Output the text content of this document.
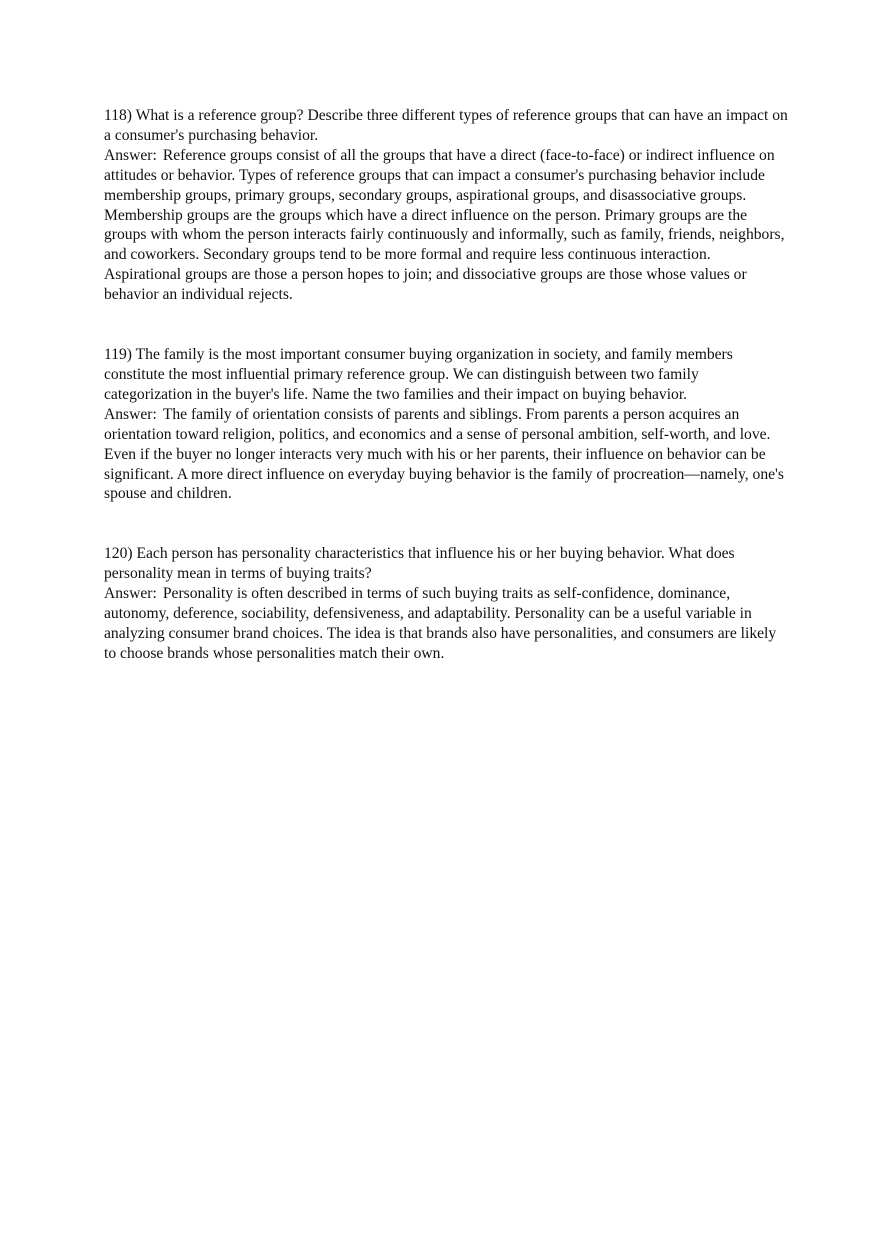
118) What is a reference group? Describe three different types of reference groups that can have an impact on a consumer's purchasing behavior.

Answer: Reference groups consist of all the groups that have a direct (face-to-face) or indirect influence on attitudes or behavior. Types of reference groups that can impact a consumer's purchasing behavior include membership groups, primary groups, secondary groups, aspirational groups, and disassociative groups.

Membership groups are the groups which have a direct influence on the person. Primary groups are the groups with whom the person interacts fairly continuously and informally, such as family, friends, neighbors, and coworkers. Secondary groups tend to be more formal and require less continuous interaction. Aspirational groups are those a person hopes to join; and dissociative groups are those whose values or behavior an individual rejects.

119) The family is the most important consumer buying organization in society, and family members constitute the most influential primary reference group. We can distinguish between two family categorization in the buyer's life. Name the two families and their impact on buying behavior.

Answer: The family of orientation consists of parents and siblings. From parents a person acquires an orientation toward religion, politics, and economics and a sense of personal ambition, self-worth, and love. Even if the buyer no longer interacts very much with his or her parents, their influence on behavior can be significant. A more direct influence on everyday buying behavior is the family of procreation—namely, one's spouse and children.

120) Each person has personality characteristics that influence his or her buying behavior. What does personality mean in terms of buying traits?

Answer: Personality is often described in terms of such buying traits as self-confidence, dominance, autonomy, deference, sociability, defensiveness, and adaptability. Personality can be a useful variable in analyzing consumer brand choices. The idea is that brands also have personalities, and consumers are likely to choose brands whose personalities match their own.
